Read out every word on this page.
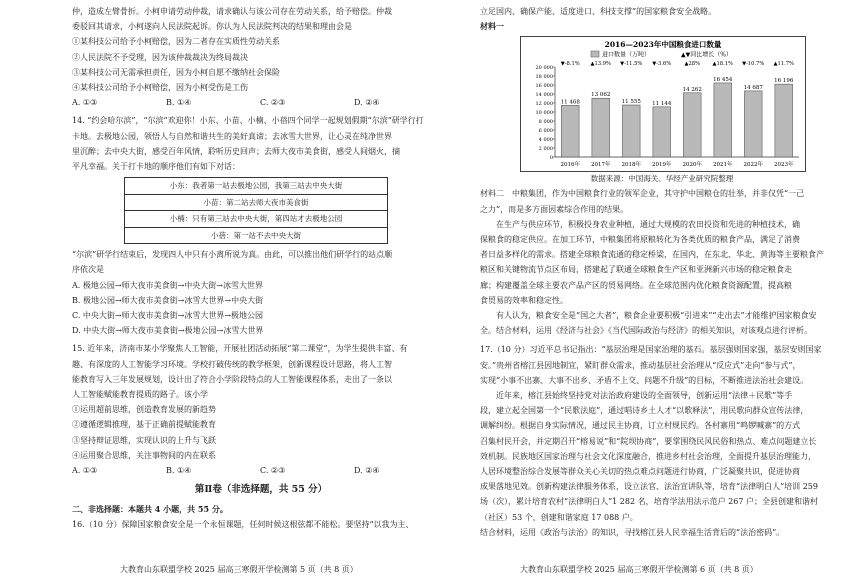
仲，造成左臂骨折。小柯申请劳动仲裁，请求确认与该公司存在劳动关系，给予赔偿。仲裁

委驳回其请求，小柯遂向人民法院起诉。你认为人民法院判决的结果和理由会是

①某科技公司给予小柯赔偿，因为二者存在实质性劳动关系

②人民法院不予受理，因为该仲裁裁决为终局裁决

③某科技公司无需承担责任，因为小柯自愿不缴纳社会保险

④某科技公司给予小柯赔偿，因为小柯受伤是工伤

A. ①③	B. ①④	C. ②③	D. ②④

14. “约会哈尔滨”，“尔滨”欢迎你！小东、小苗、小楠、小蓓四个同学一起规划假期“尔滨”研学行打

卡地。去极地公园，领悟人与自然和谐共生的美好真谛；去冰雪大世界，让心灵在纯净世界

里沉醉；去中央大街，感受百年风情，聆听历史回声；去师大夜市美食街，感受人间烟火，摘

平凡幸福。关于打卡地的顺序他们有如下对话：

小东：我者第一站去极地公园，我第三站去中央大街
小苗：第二站去师大夜市美食街
小楠：只有第三站去中央大街，第四站才去极地公园
小蓓：第一站不去中央大街

“尔滨”研学行结束后，发现四人中只有小离所说为真。由此，可以推出他们研学行的站点顺

序依次是

A. 极地公园→师大夜市美食街→中央大街→冰雪大世界

B. 极地公园→师大夜市美食街→冰雪大世界→中央大街

C. 中央大街→师大夜市美食街→冰雪大世界→极地公园

D. 中央大街→师大夜市美食街→极地公园→冰雪大世界

15. 近年来，济南市某小学聚焦人工智能，开展社团活动拓展“第二课堂”，为学生提供丰富、有

趣、有深度的人工智能学习环境。学校打破传统的教学框架，创新课程设计思路，将人工智

能教育写入三年发展规划，设计出了符合小学阶段特点的人工智能课程体系，走出了一条以

人工智能赋能教育提质的路子。该小学

①运用超前思维，创造教育发展的新趋势

②遵循逻辑推理，基于正确前提赋能教育

③坚持辩证思维，实现认识的上升与飞跃

④运用聚合思维，关注事物间的内在联系

A. ①③	B. ①④	C. ②③	D. ②④
第Ⅱ卷（非选择题，共 55 分）

二、非选择题：本题共 4 小题，共 55 分。

16.（10 分）保障国家粮食安全是一个永恒课题，任何时候这根弦都不能松。要坚持“以我为主、

大教育山东联盟学校 2025 届高三寒假开学检测第 5 页（共 8 页）

立足国内、确保产能、适度进口、科技支撑”的国家粮食安全战略。

材料一

2016—2023年中国粮食进口数量
进口数量（万吨）	▲▼同比增长（%）
0
2 000
4 000
6 000
8 000
10 000
12 000
14 000
16 000
18 000
20 000
11 468
▼-8.1%
2016年
13 062
▲13.9%
2017年
11 555
▼-11.5%
2018年
11 144
▼-3.6%
2019年
14 262
▲28%
2020年
16 454
▲18.1%
2021年
14 687
▼-10.7%
2022年
16 196
▲11.7%
2023年
数据来源：中国海关、华经产业研究院整理

材料二　中粮集团，作为中国粮食行业的领军企业，其守护中国粮仓的壮举，并非仅凭“一己

之力”，而是多方面因素综合作用的结果。

在生产与供应环节，积极投身农业种植，通过大规模的农田投资和先进的种植技术，确

保粮食的稳定供应。在加工环节，中粮集团将原粮转化为各类优质的粮食产品，满足了消费

者日益多样化的需求。搭建全球粮食流通的稳定桥梁，在国内，在东北、华北、黄海等主要粮食产

粮区和关键物流节点区布局，搭建起了联通全球粮食生产区和亚洲新兴市场的稳定粮食走

廊；构建覆盖全球主要农产品产区的贸易网络。在全球范围内优化粮食资源配置，提高粮

食贸易的效率和稳定性。

有人认为，粮食安全是“国之大者”，粮食企业要积极“引进来”“走出去”才能维护国家粮食安

全。结合材料，运用《经济与社会》《当代国际政治与经济》的相关知识，对该观点进行评析。

17.（10 分）习近平总书记指出：“基层治理是国家治理的基石。基层强则国家强，基层安则国家

安。”贵州省榕江县因地制宜，紧盯群众需求，推动基层社会治理从“反应式”走向“参与式”，

实现“小事不出寨、大事不出乡、矛盾不上交、问题不升级”的目标，不断推进法治社会建设。

近年来，榕江县始终坚持党对法治政府建设的全面领导，创新运用“法律＋民歌”等手

段，建立起全国第一个“民歌法庭”，通过唱诗乡土人才“以歌释法”，用民歌向群众宣传法律，

调解纠纷。根据自身实际情况，通过民主协商，订立村规民约。各村寨用“鸣锣喊寨”的方式

召集村民开会，并定期召开“榕易说”和“院坝协商”，要掌围绕民风民俗和热点、难点问题建立长

效机制。民族地区国家治理与社会文化深度融合，推进乡村社会治理，全面提升基层治理能力，

人居环境整治综合发展等群众关心关切的热点难点问题进行协商，广泛凝聚共识，促进协商

成果落地见效。创新构建法律服务体系，设立法官、法治宣讲队等，培育“法律明白人”培训 259

场（次），累计培育农村“法律明白人”1 282 名，培育学法用法示范户 267 户；全县创建和谐村

（社区）53 个，创建和谐家庭 17 088 户。

结合材料，运用《政治与法治》的知识，寻找榕江县人民幸福生活背后的“法治密码”。

大教育山东联盟学校 2025 届高三寒假开学检测第 6 页（共 8 页）
